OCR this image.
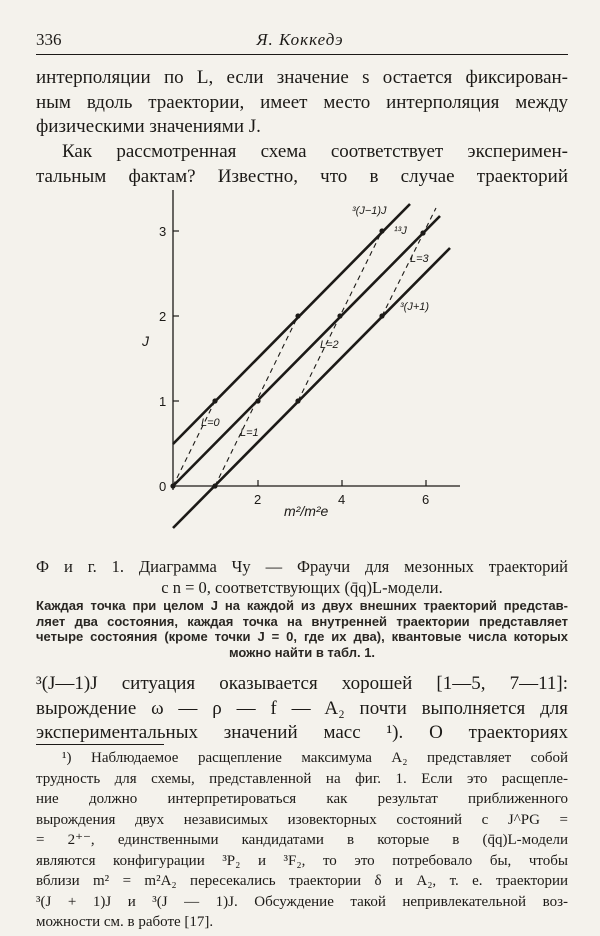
336	Я. Коккедэ
интерполяции по L, если значение s остается фиксирован-
ным вдоль траектории, имеет место интерполяция между
физическими значениями J.
Как рассмотренная схема соответствует эксперимен-
тальным фактам? Известно, что в случае траекторий
0
1
2
3
2	4	6
J
m²/m²e
³(J−1)J
¹³J
L=3
³(J+1)
L=0
L=1
L=2
Ф и г. 1. Диаграмма Чу — Фраучи для мезонных траекторий
с n = 0, соответствующих (q̄q)L-модели.
Каждая точка при целом J на каждой из двух внешних траекторий представ-
ляет два состояния, каждая точка на внутренней траектории представляет
четыре состояния (кроме точки J = 0, где их два), квантовые числа которых
можно найти в табл. 1.
³(J—1)J ситуация оказывается хорошей [1—5, 7—11]:
вырождение ω — ρ — f — A₂ почти выполняется для
экспериментальных значений масс ¹). О траекториях
¹) Наблюдаемое расщепление максимума A₂ представляет собой
трудность для схемы, представленной на фиг. 1. Если это расщепле-
ние должно интерпретироваться как результат приближенного
вырождения двух независимых изовекторных состояний с J^PG =
= 2⁺⁻, единственными кандидатами в которые в (q̄q)L-модели
являются конфигурации ³P₂ и ³F₂, то это потребовало бы, чтобы
вблизи m² = m²A₂ пересекались траектории δ и A₂, т. е. траектории
³(J + 1)J и ³(J — 1)J. Обсуждение такой непривлекательной воз-
можности см. в работе [17].
